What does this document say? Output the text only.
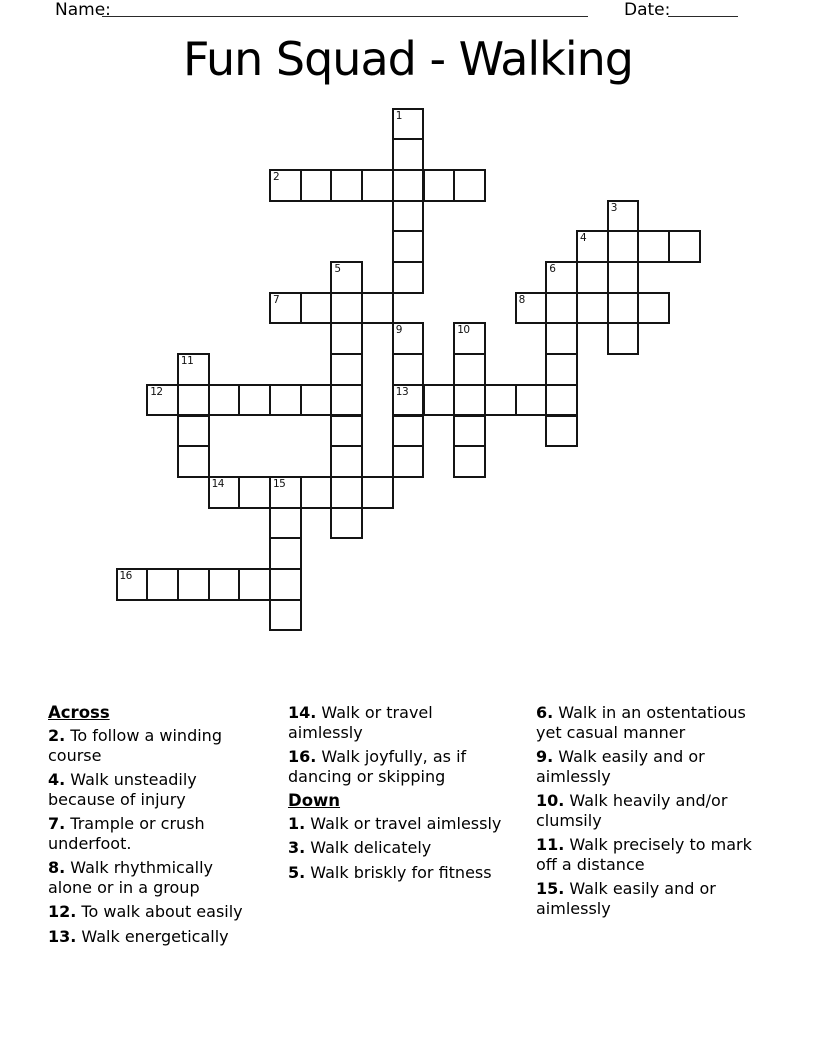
Name:	Date:
Fun Squad - Walking
1
2
3
4
5	6
7	8
9	10
11
12	13
14	15
16
Across
2. To follow a winding course
4. Walk unsteadily because of injury
7. Trample or crush underfoot.
8. Walk rhythmically alone or in a group
12. To walk about easily
13. Walk energetically
14. Walk or travel aimlessly
16. Walk joyfully, as if dancing or skipping
Down
1. Walk or travel aimlessly
3. Walk delicately
5. Walk briskly for fitness
6. Walk in an ostentatious yet casual manner
9. Walk easily and or aimlessly
10. Walk heavily and/or clumsily
11. Walk precisely to mark off a distance
15. Walk easily and or aimlessly
